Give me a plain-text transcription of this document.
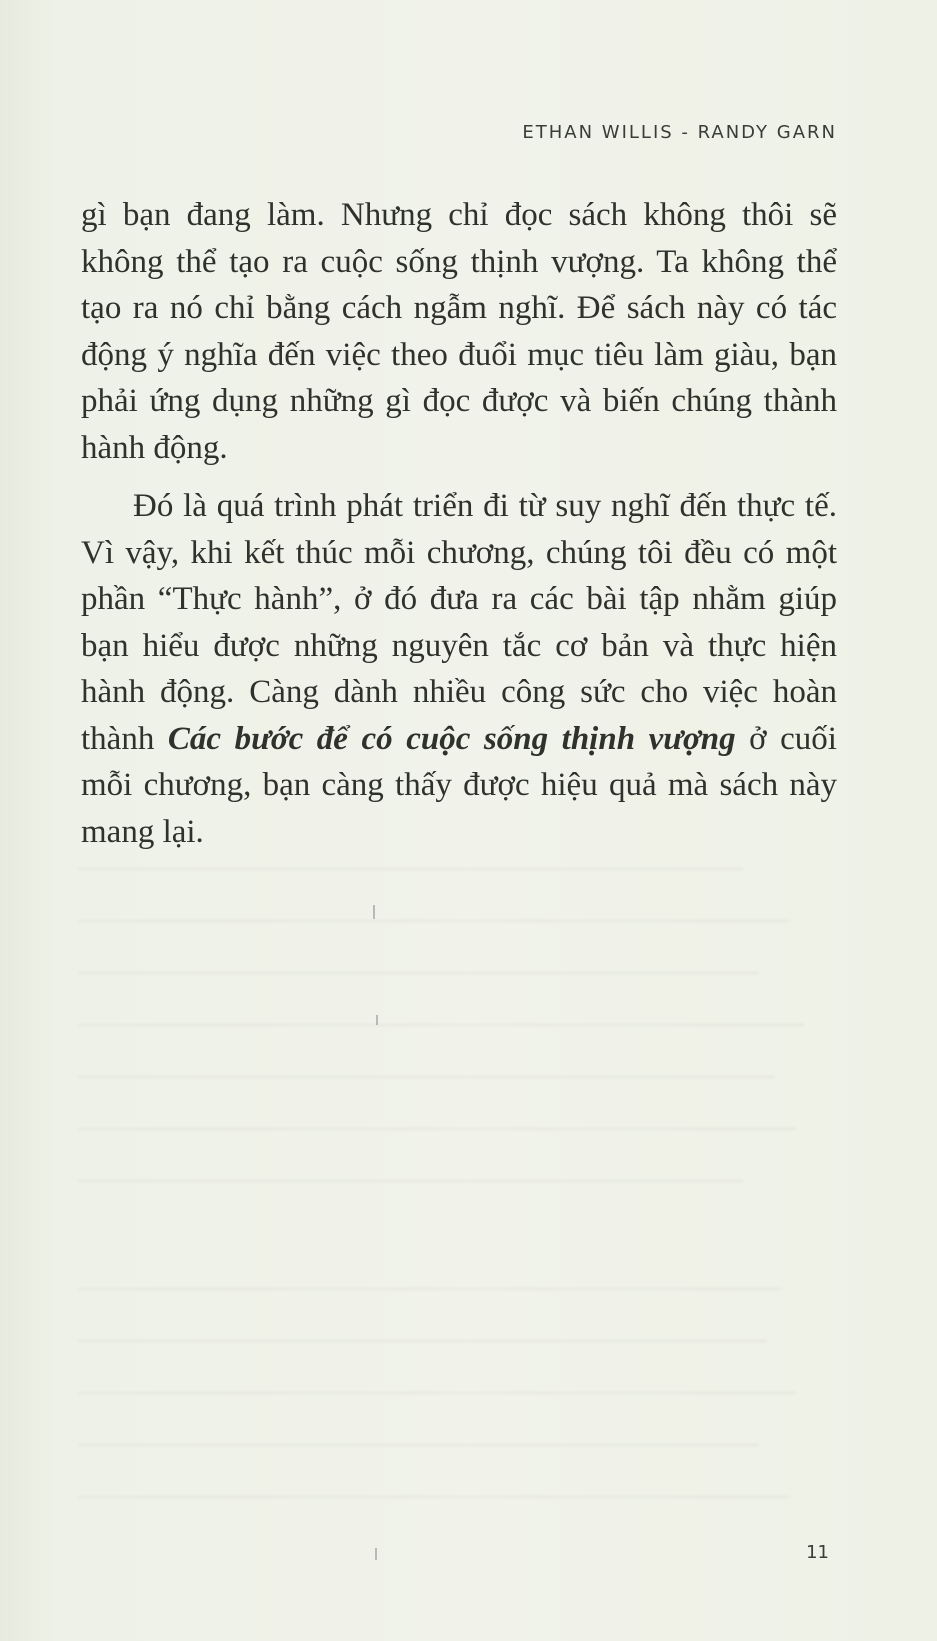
ETHAN WILLIS - RANDY GARN

gì bạn đang làm. Nhưng chỉ đọc sách không thôi sẽ không thể tạo ra cuộc sống thịnh vượng. Ta không thể tạo ra nó chỉ bằng cách ngẫm nghĩ. Để sách này có tác động ý nghĩa đến việc theo đuổi mục tiêu làm giàu, bạn phải ứng dụng những gì đọc được và biến chúng thành hành động.

Đó là quá trình phát triển đi từ suy nghĩ đến thực tế. Vì vậy, khi kết thúc mỗi chương, chúng tôi đều có một phần “Thực hành”, ở đó đưa ra các bài tập nhằm giúp bạn hiểu được những nguyên tắc cơ bản và thực hiện hành động. Càng dành nhiều công sức cho việc hoàn thành Các bước để có cuộc sống thịnh vượng ở cuối mỗi chương, bạn càng thấy được hiệu quả mà sách này mang lại.

11
